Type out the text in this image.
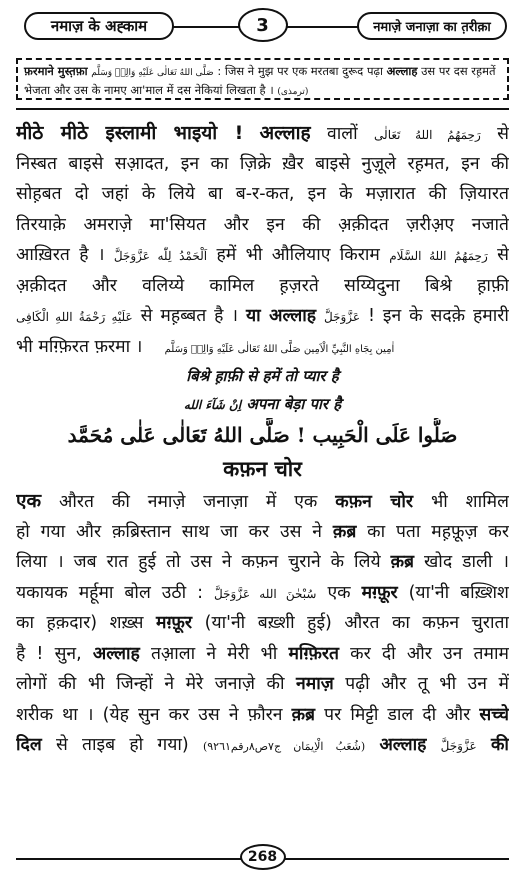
नमाज़ के अह्काम	3	नमाज़े जनाज़ा का त़रीक़ा
फ़रमाने मुस्त़फ़ा صَلَّى اللهُ تَعَالٰى عَلَيْهِ وَالِهٖ وَسَلَّم : जिस ने मुझ पर एक मरतबा दुरूद पढ़ा अल्लाह उस पर दस रह़मतें
भेजता और उस के नामए आ'माल में दस नेकियां लिखता है । (ترمذی)
मीठे मीठे इस्लामी भाइयो ! अल्लाह वालों رَحِمَهُمُ اللهُ تَعَالٰی से
निस्बत बाइसे सआ़दत, इन का ज़िक्रे ख़ैर बाइसे नुज़ूले रह़मत, इन की
सोह़बत दो जहां के लिये बा ब-र-कत, इन के मज़ारात की ज़ियारत
तिरयाक़े अमराज़े मा'सियत और इन की अ़क़ीदत ज़रीअ़ए नजाते
आख़िरत है । اَلْحَمْدُ لِلّٰه عَزَّوَجَلَّ हमें भी औलियाए किराम رَحِمَهُمُ اللهُ السَّلَام से
अ़क़ीदत और वलिय्ये कामिल ह़ज़रते सय्यिदुना बिश्रे ह़ाफ़ी
عَلَيْهِ رَحْمَةُ اللهِ الْكَافِى से मह़ब्बत है । या अल्लाह عَزَّوَجَلَّ ! इन के सदक़े हमारी
भी मग़्फ़िरत फ़रमा । اٰمِين بِجَاهِ النَّبِيِّ الْاَمِين صَلَّى اللهُ تَعَالٰى عَلَيْهِ وَالِهٖ وَسَلَّم
बिश्रे ह़ाफ़ी से हमें तो प्यार है
اِنْ شَآءَ الله अपना बेड़ा पार है
صَلُّوا عَلَى الْحَبِيب ! صَلَّى اللهُ تَعَالٰى عَلٰى مُحَمَّد
कफ़न चोर
एक औरत की नमाज़े जनाज़ा में एक कफ़न चोर भी शामिल
हो गया और क़ब्रिस्तान साथ जा कर उस ने क़ब्र का पता मह़फ़ूज़ कर
लिया । जब रात हुई तो उस ने कफ़न चुराने के लिये क़ब्र खोद डाली ।
यकायक मर्हूमा बोल उठी : سُبْحٰنَ الله عَزَّوَجَلَّ एक मग़्फ़ूर (या'नी बख़्शिश
का ह़क़दार) शख़्स मग़्फ़ूर (या'नी बख़्शी हुई) औरत का कफ़न चुराता
है ! सुन, अल्लाह तआ़ला ने मेरी भी मग़्फ़िरत कर दी और उन तमाम
लोगों की भी जिन्हों ने मेरे जनाज़े की नमाज़ पढ़ी और तू भी उन में
शरीक था । (येह सुन कर उस ने फ़ौरन क़ब्र पर मिट्टी डाल दी और सच्चे
दिल से ताइब हो गया) (شُعَبُ الْاِيمَان ج٧ص٨رقم٩٢٦١) अल्लाह عَزَّوَجَلَّ की
268
